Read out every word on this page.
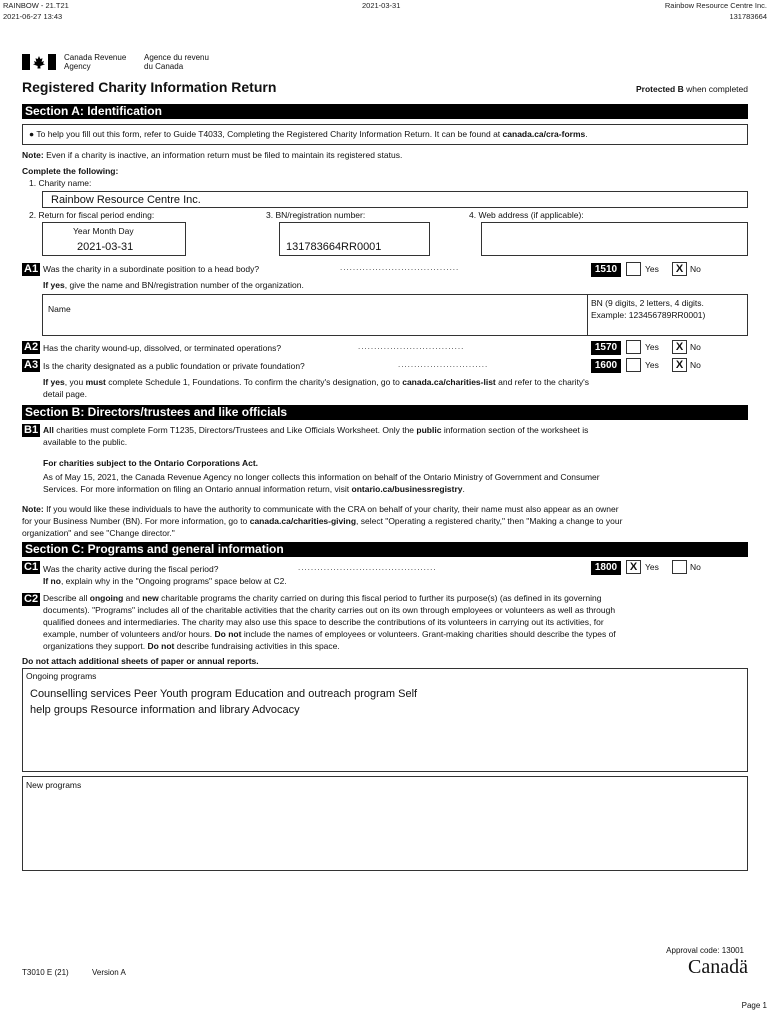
RAINBOW - 21.T21
2021-06-27 13:43
2021-03-31	Rainbow Resource Centre Inc.
131783664
Canada Revenue
Agency
Agence du revenu
du Canada
Registered Charity Information Return	Protected B when completed
Section A: Identification
● To help you fill out this form, refer to Guide T4033, Completing the Registered Charity Information Return. It can be found at canada.ca/cra-forms.
Note: Even if a charity is inactive, an information return must be filed to maintain its registered status.
Complete the following:
1. Charity name:
Rainbow Resource Centre Inc.
2. Return for fiscal period ending:	3. BN/registration number:	4. Web address (if applicable):
Year Month Day
2021-03-31	131783664RR0001
A1 Was the charity in a subordinate position to a head body?	.....................................	1510	Yes	X No
If yes, give the name and BN/registration number of the organization.
Name
BN (9 digits, 2 letters, 4 digits.
Example: 123456789RR0001)
A2 Has the charity wound-up, dissolved, or terminated operations?	.................................	1570	Yes	X No
A3 Is the charity designated as a public foundation or private foundation?	............................	1600	Yes	X No
If yes, you must complete Schedule 1, Foundations. To confirm the charity's designation, go to canada.ca/charities-list and refer to the charity's
detail page.
Section B: Directors/trustees and like officials
B1 All charities must complete Form T1235, Directors/Trustees and Like Officials Worksheet. Only the public information section of the worksheet is
available to the public.
For charities subject to the Ontario Corporations Act.
As of May 15, 2021, the Canada Revenue Agency no longer collects this information on behalf of the Ontario Ministry of Government and Consumer
Services. For more information on filing an Ontario annual information return, visit ontario.ca/businessregistry.
Note: If you would like these individuals to have the authority to communicate with the CRA on behalf of your charity, their name must also appear as an owner
for your Business Number (BN). For more information, go to canada.ca/charities-giving, select "Operating a registered charity," then "Making a change to your
organization" and see "Change director."
Section C: Programs and general information
C1 Was the charity active during the fiscal period?	...........................................	1800	X Yes	No
If no, explain why in the "Ongoing programs" space below at C2.
C2 Describe all ongoing and new charitable programs the charity carried on during this fiscal period to further its purpose(s) (as defined in its governing
documents). "Programs" includes all of the charitable activities that the charity carries out on its own through employees or volunteers as well as through
qualified donees and intermediaries. The charity may also use this space to describe the contributions of its volunteers in carrying out its activities, for
example, number of volunteers and/or hours. Do not include the names of employees or volunteers. Grant-making charities should describe the types of
organizations they support. Do not describe fundraising activities in this space.
Do not attach additional sheets of paper or annual reports.
Ongoing programs
Counselling services Peer Youth program Education and outreach program Self
help groups Resource information and library Advocacy
New programs
Approval code: 13001
T3010 E (21)	Version A	Canadä
Page 1
